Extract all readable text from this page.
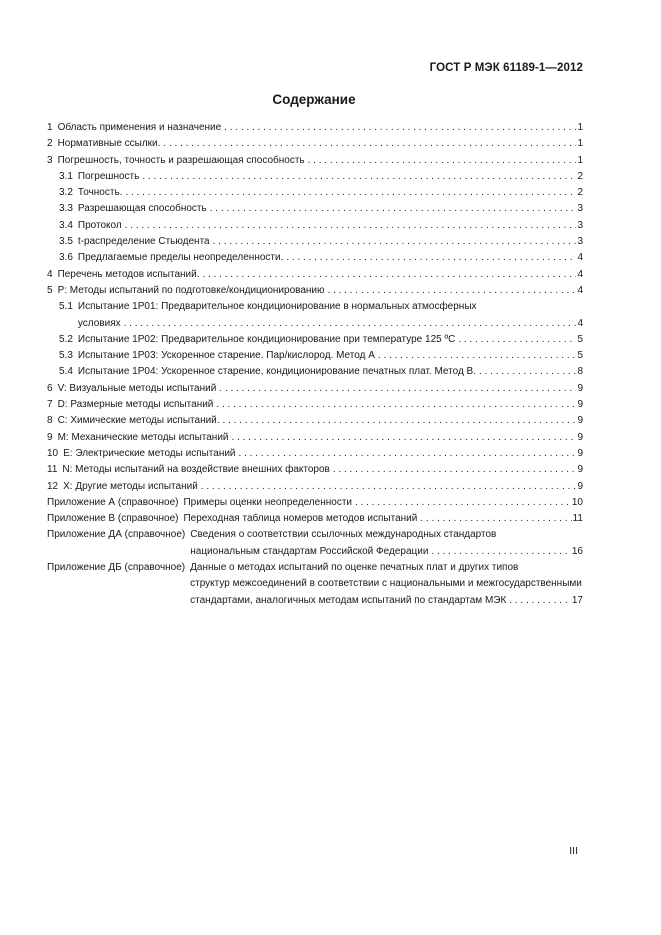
ГОСТ Р МЭК 61189-1—2012
Содержание
1 Область применения и назначение . . .	1
2 Нормативные ссылки. . . .	1
3 Погрешность, точность и разрешающая способность . . .	1
3.1 Погрешность . . .	2
3.2 Точность. . . .	2
3.3 Разрешающая способность . . .	3
3.4 Протокол . . .	3
3.5 t-распределение Стьюдента . . .	3
3.6 Предлагаемые пределы неопределенности. . . .	4
4 Перечень методов испытаний. . . .	4
5 P: Методы испытаний по подготовке/кондиционированию . . .	4
5.1 Испытание 1P01: Предварительное кондиционирование в нормальных атмосферных
условиях . . .	4
5.2 Испытание 1P02: Предварительное кондиционирование при температуре 125 ºC . . .	5
5.3 Испытание 1P03: Ускоренное старение. Пар/кислород. Метод А . . .	5
5.4 Испытание 1P04: Ускоренное старение, кондиционирование печатных плат. Метод В. . . .	8
6 V: Визуальные методы испытаний . . .	9
7 D: Размерные методы испытаний . . .	9
8 C: Химические методы испытаний. . . .	9
9 M: Механические методы испытаний . . .	9
10 E: Электрические методы испытаний . . .	9
11 N: Методы испытаний на воздействие внешних факторов . . .	9
12 X: Другие методы испытаний . . .	9
Приложение А (справочное) Примеры оценки неопределенности . . .	10
Приложение В (справочное) Переходная таблица номеров методов испытаний . . .	11
Приложение ДА (справочное) Сведения о соответствии ссылочных международных стандартов
национальным стандартам Российской Федерации . . .	16
Приложение ДБ (справочное) Данные о методах испытаний по оценке печатных плат и других типов
структур межсоединений в соответствии с национальными и межгосударственными
стандартами, аналогичных методам испытаний по стандартам МЭК . . .	17
III
